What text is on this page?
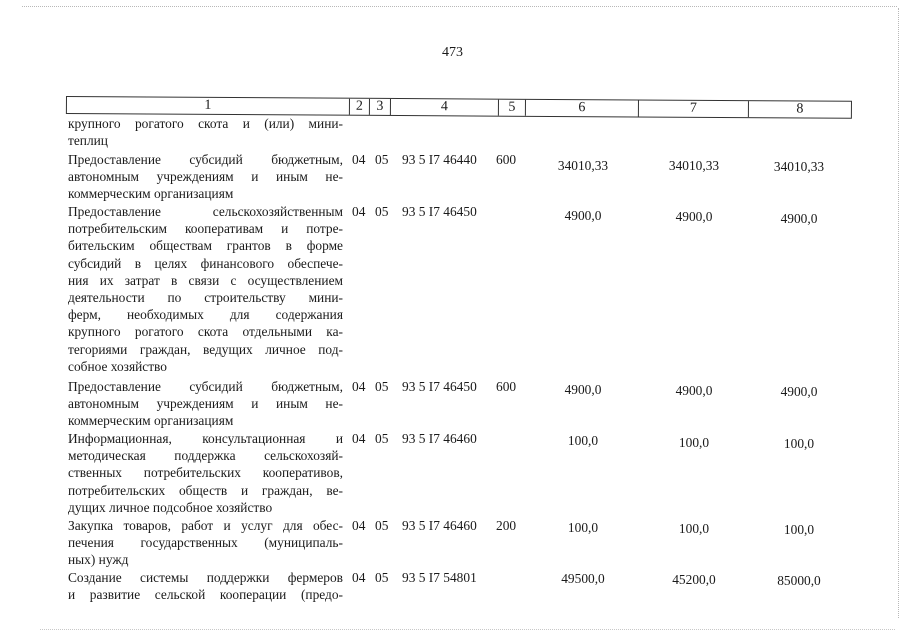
473
1	2 3	4	5	6	7	8
крупного рогатого скота и (или) мини-
теплиц
Предоставление субсидий бюджетным,
автономным учреждениям и иным не-
коммерческим организациям
04 05 93 5 I7 46440 600	34010,33	34010,33	34010,33
Предоставление сельскохозяйственным
потребительским кооперативам и потре-
бительским обществам грантов в форме
субсидий в целях финансового обеспече-
ния их затрат в связи с осуществлением
деятельности по строительству мини-
ферм, необходимых для содержания
крупного рогатого скота отдельными ка-
тегориями граждан, ведущих личное под-
собное хозяйство
04 05 93 5 I7 46450	4900,0	4900,0	4900,0
Предоставление субсидий бюджетным,
автономным учреждениям и иным не-
коммерческим организациям
04 05 93 5 I7 46450 600	4900,0	4900,0	4900,0
Информационная, консультационная и
методическая поддержка сельскохозяй-
ственных потребительских кооперативов,
потребительских обществ и граждан, ве-
дущих личное подсобное хозяйство
04 05 93 5 I7 46460	100,0	100,0	100,0
Закупка товаров, работ и услуг для обес-
печения государственных (муниципаль-
ных) нужд
04 05 93 5 I7 46460 200	100,0	100,0	100,0
Создание системы поддержки фермеров
и развитие сельской кооперации (предо-
04 05 93 5 I7 54801	49500,0	45200,0	85000,0
